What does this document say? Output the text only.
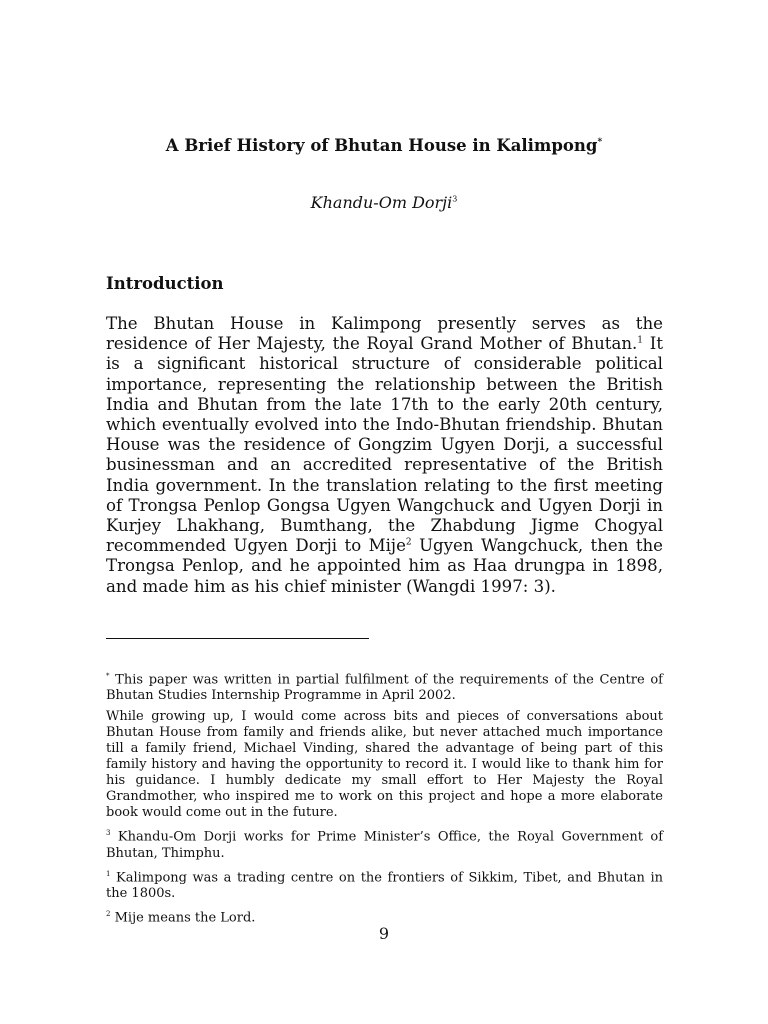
A Brief History of Bhutan House in Kalimpong*
Khandu-Om Dorji$^3$
Introduction
The Bhutan House in Kalimpong presently serves as the residence of Her Majesty, the Royal Grand Mother of Bhutan.$^1$ It is a significant historical structure of considerable political importance, representing the relationship between the British India and Bhutan from the late 17th to the early 20th century, which eventually evolved into the Indo-Bhutan friendship. Bhutan House was the residence of Gongzim Ugyen Dorji, a successful businessman and an accredited representative of the British India government. In the translation relating to the first meeting of Trongsa Penlop Gongsa Ugyen Wangchuck and Ugyen Dorji in Kurjey Lhakhang, Bumthang, the Zhabdung Jigme Chogyal recommended Ugyen Dorji to Mije$^2$ Ugyen Wangchuck, then the Trongsa Penlop, and he appointed him as Haa drungpa in 1898, and made him as his chief minister (Wangdi 1997: 3).

* This paper was written in partial fulfilment of the requirements of the Centre of Bhutan Studies Internship Programme in April 2002.

While growing up, I would come across bits and pieces of conversations about Bhutan House from family and friends alike, but never attached much importance till a family friend, Michael Vinding, shared the advantage of being part of this family history and having the opportunity to record it. I would like to thank him for his guidance. I humbly dedicate my small effort to Her Majesty the Royal Grandmother, who inspired me to work on this project and hope a more elaborate book would come out in the future.

$^3$ Khandu-Om Dorji works for Prime Minister’s Office, the Royal Government of Bhutan, Thimphu.

$^1$ Kalimpong was a trading centre on the frontiers of Sikkim, Tibet, and Bhutan in the 1800s.

$^2$ Mije means the Lord.

9
